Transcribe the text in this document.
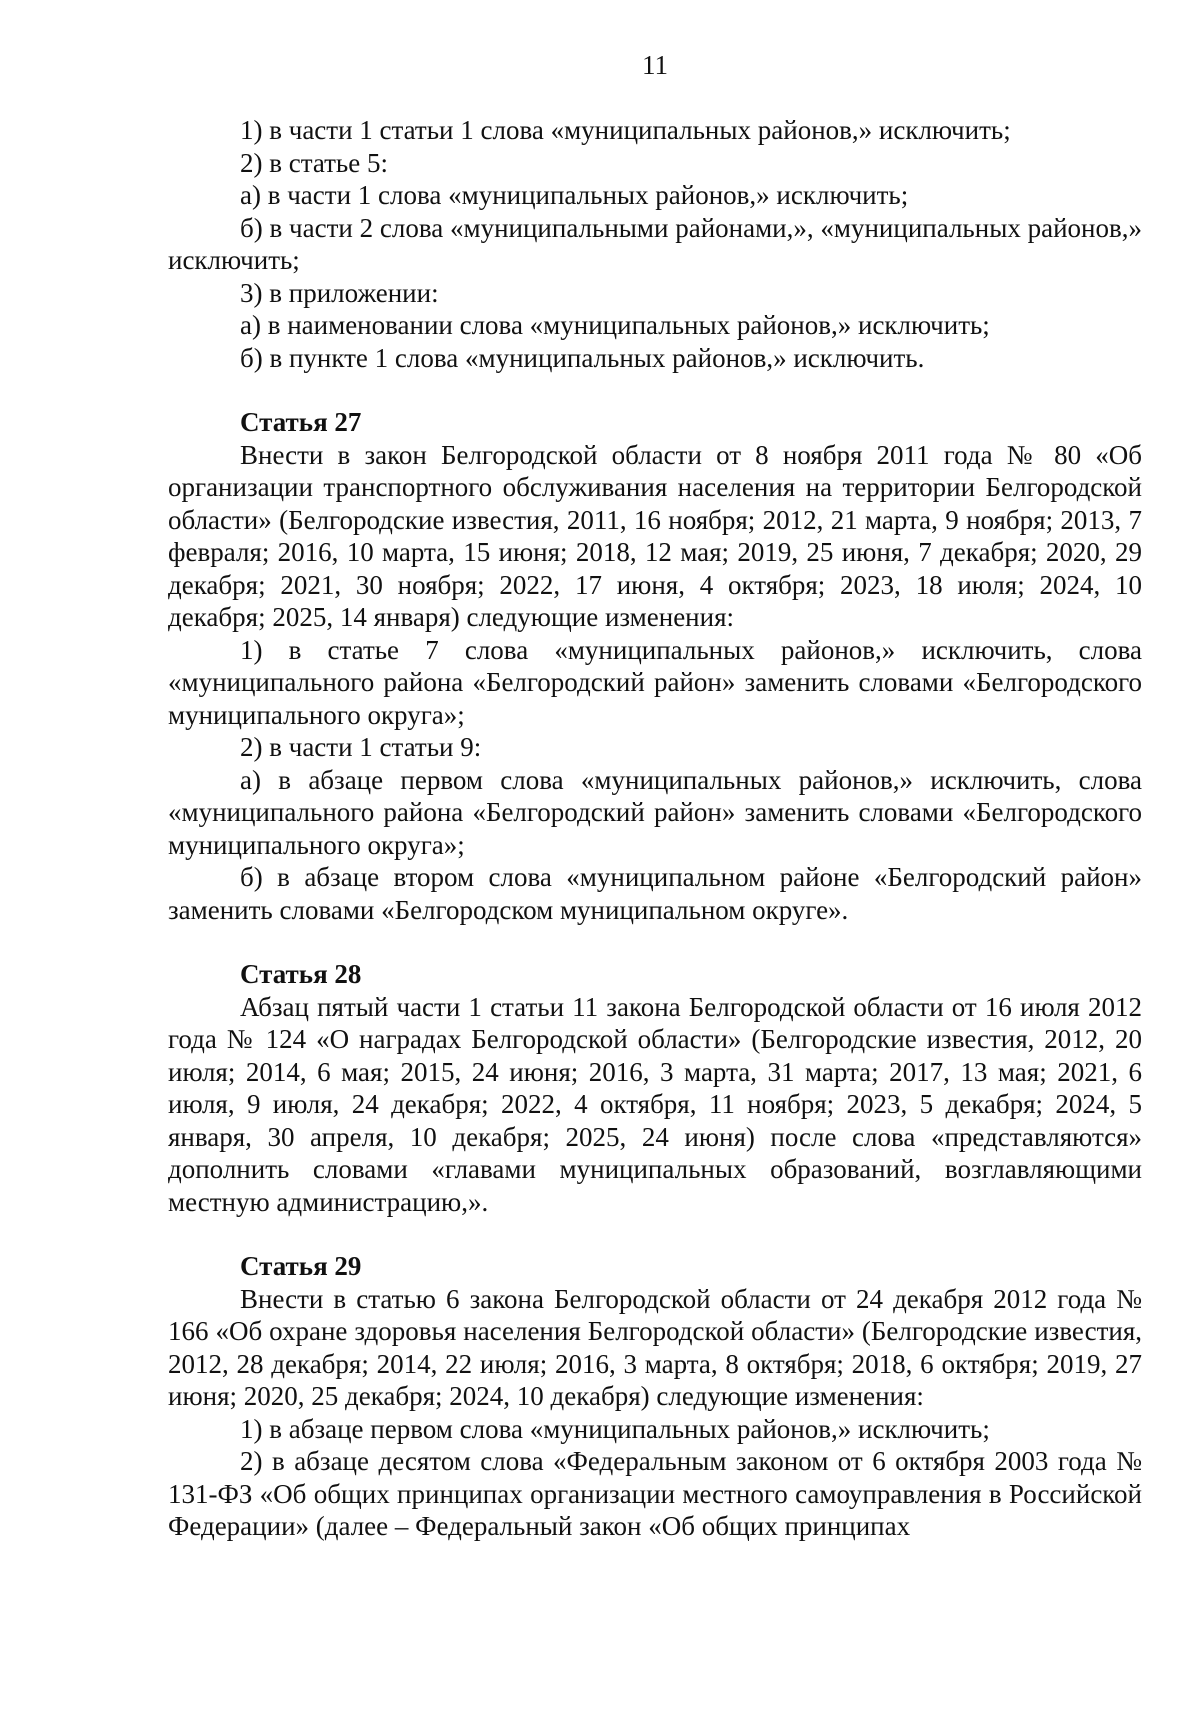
11

1) в части 1 статьи 1 слова «муниципальных районов,» исключить;

2) в статье 5:

а) в части 1 слова «муниципальных районов,» исключить;

б) в части 2 слова «муниципальными районами,», «муниципальных районов,» исключить;

3) в приложении:

а) в наименовании слова «муниципальных районов,» исключить;

б) в пункте 1 слова «муниципальных районов,» исключить.

Статья 27

Внести в закон Белгородской области от 8 ноября 2011 года № 80 «Об организации транспортного обслуживания населения на территории Белгородской области» (Белгородские известия, 2011, 16 ноября; 2012, 21 марта, 9 ноября; 2013, 7 февраля; 2016, 10 марта, 15 июня; 2018, 12 мая; 2019, 25 июня, 7 декабря; 2020, 29 декабря; 2021, 30 ноября; 2022, 17 июня, 4 октября; 2023, 18 июля; 2024, 10 декабря; 2025, 14 января) следующие изменения:

1) в статье 7 слова «муниципальных районов,» исключить, слова «муниципального района «Белгородский район» заменить словами «Белгородского муниципального округа»;

2) в части 1 статьи 9:

а) в абзаце первом слова «муниципальных районов,» исключить, слова «муниципального района «Белгородский район» заменить словами «Белгородского муниципального округа»;

б) в абзаце втором слова «муниципальном районе «Белгородский район» заменить словами «Белгородском муниципальном округе».

Статья 28

Абзац пятый части 1 статьи 11 закона Белгородской области от 16 июля 2012 года № 124 «О наградах Белгородской области» (Белгородские известия, 2012, 20 июля; 2014, 6 мая; 2015, 24 июня; 2016, 3 марта, 31 марта; 2017, 13 мая; 2021, 6 июля, 9 июля, 24 декабря; 2022, 4 октября, 11 ноября; 2023, 5 декабря; 2024, 5 января, 30 апреля, 10 декабря; 2025, 24 июня) после слова «представляются» дополнить словами «главами муниципальных образований, возглавляющими местную администрацию,».

Статья 29

Внести в статью 6 закона Белгородской области от 24 декабря 2012 года № 166 «Об охране здоровья населения Белгородской области» (Белгородские известия, 2012, 28 декабря; 2014, 22 июля; 2016, 3 марта, 8 октября; 2018, 6 октября; 2019, 27 июня; 2020, 25 декабря; 2024, 10 декабря) следующие изменения:

1) в абзаце первом слова «муниципальных районов,» исключить;

2) в абзаце десятом слова «Федеральным законом от 6 октября 2003 года № 131-ФЗ «Об общих принципах организации местного самоуправления в Российской Федерации» (далее – Федеральный закон «Об общих принципах
